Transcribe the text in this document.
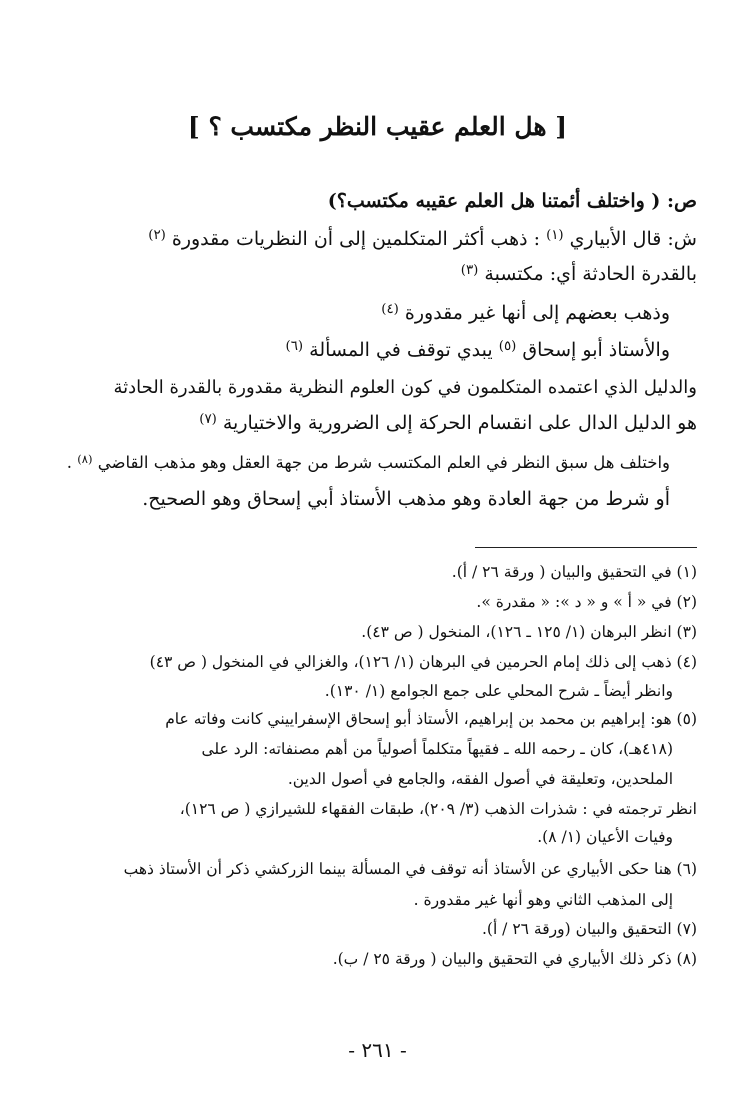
[ هل العلم عقيب النظر مكتسب ؟ ]
ص: ( واختلف أئمتنا هل العلم عقيبه مكتسب؟)
ش: قال الأبياري $^{(١)}$ : ذهب أكثر المتكلمين إلى أن النظريات مقدورة $^{(٢)}$
بالقدرة الحادثة أي: مكتسبة $^{(٣)}$
وذهب بعضهم إلى أنها غير مقدورة $^{(٤)}$
والأستاذ أبو إسحاق $^{(٥)}$ يبدي توقف في المسألة $^{(٦)}$
والدليل الذي اعتمده المتكلمون في كون العلوم النظرية مقدورة بالقدرة الحادثة
هو الدليل الدال على انقسام الحركة إلى الضرورية والاختيارية $^{(٧)}$
واختلف هل سبق النظر في العلم المكتسب شرط من جهة العقل وهو مذهب القاضي $^{(٨)}$ .
أو شرط من جهة العادة وهو مذهب الأستاذ أبي إسحاق وهو الصحيح.
(١) في التحقيق والبيان ( ورقة ٢٦ / أ).
(٢) في « أ » و « د »: « مقدرة ».
(٣) انظر البرهان (١/ ١٢٥ ـ ١٢٦)، المنخول ( ص ٤٣).
(٤) ذهب إلى ذلك إمام الحرمين في البرهان (١/ ١٢٦)، والغزالي في المنخول ( ص ٤٣)
وانظر أيضاً ـ شرح المحلي على جمع الجوامع (١/ ١٣٠).
(٥) هو: إبراهيم بن محمد بن إبراهيم، الأستاذ أبو إسحاق الإسفراييني كانت وفاته عام
(٤١٨هـ)، كان ـ رحمه الله ـ فقيهاً متكلماً أصولياً من أهم مصنفاته: الرد على
الملحدين، وتعليقة في أصول الفقه، والجامع في أصول الدين.
انظر ترجمته في : شذرات الذهب (٣/ ٢٠٩)، طبقات الفقهاء للشيرازي ( ص ١٢٦)،
وفيات الأعيان (١/ ٨).
(٦) هنا حكى الأبياري عن الأستاذ أنه توقف في المسألة بينما الزركشي ذكر أن الأستاذ ذهب
إلى المذهب الثاني وهو أنها غير مقدورة .
(٧) التحقيق والبيان (ورقة ٢٦ / أ).
(٨) ذكر ذلك الأبياري في التحقيق والبيان ( ورقة ٢٥ / ب).
- ٢٦١ -
